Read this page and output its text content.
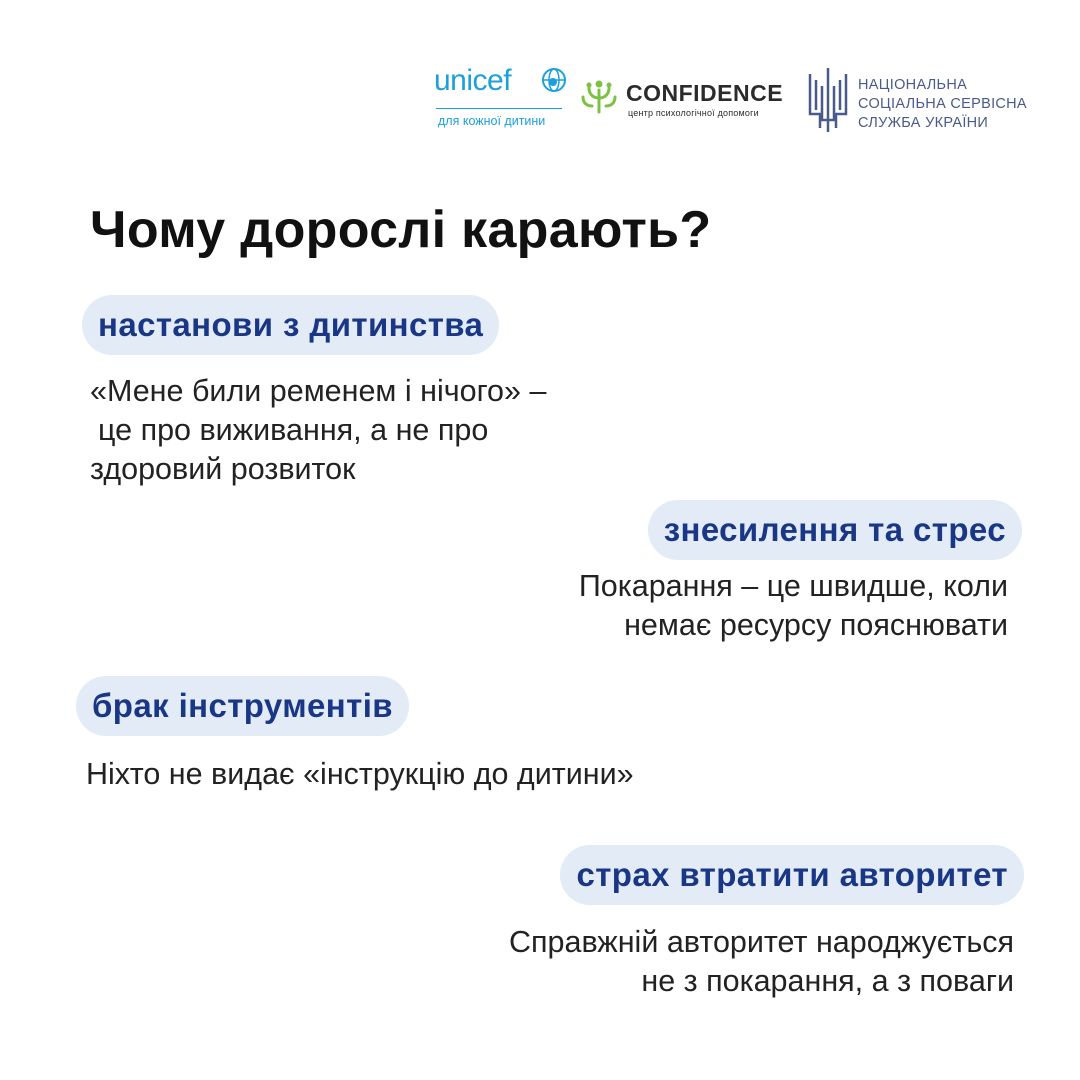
unicef
для кожної дитини
CONFIDENCE
центр психологічної допомоги
НАЦІОНАЛЬНА
СОЦІАЛЬНА СЕРВІСНА
СЛУЖБА УКРАЇНИ
Чому дорослі карають?
настанови з дитинства
«Мене били ременем і нічого» –
це про виживання, а не про
здоровий розвиток
знесилення та стрес
Покарання – це швидше, коли
немає ресурсу пояснювати
брак інструментів
Ніхто не видає «інструкцію до дитини»
страх втратити авторитет
Справжній авторитет народжується
не з покарання, а з поваги
